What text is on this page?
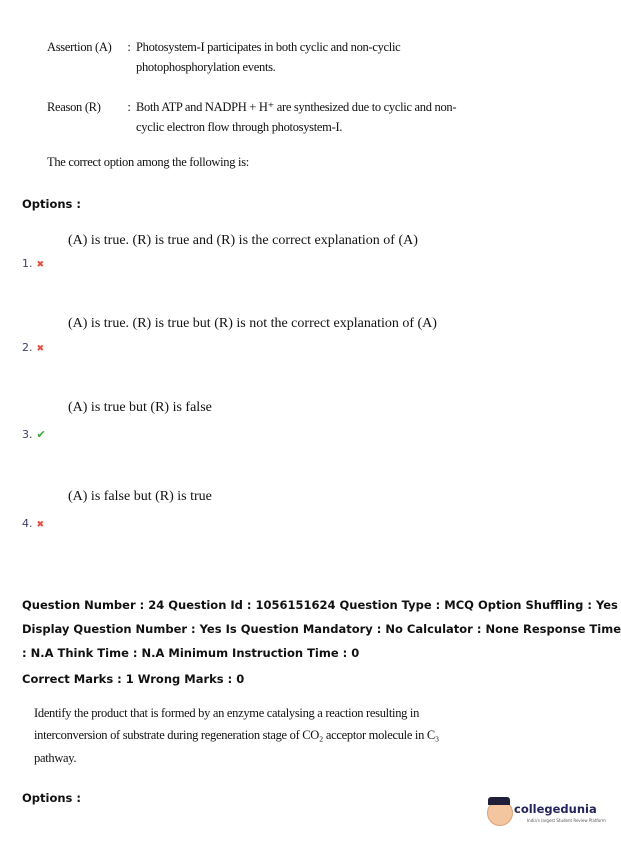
Assertion (A) : Photosystem-I participates in both cyclic and non-cyclic
photophosphorylation events.
Reason (R) : Both ATP and NADPH + H⁺ are synthesized due to cyclic and non-
cyclic electron flow through photosystem-I.
The correct option among the following is:
Options :
(A) is true. (R) is true and (R) is the correct explanation of (A)
1. ✖
(A) is true. (R) is true but (R) is not the correct explanation of (A)
2. ✖
(A) is true but (R) is false
3. ✔
(A) is false but (R) is true
4. ✖
Question Number : 24 Question Id : 1056151624 Question Type : MCQ Option Shuffling : Yes
Display Question Number : Yes Is Question Mandatory : No Calculator : None Response Time
: N.A Think Time : N.A Minimum Instruction Time : 0
Correct Marks : 1 Wrong Marks : 0
Identify the product that is formed by an enzyme catalysing a reaction resulting in
interconversion of substrate during regeneration stage of CO₂ acceptor molecule in C₃
pathway.
Options :
collegedunia
India's largest Student Review Platform
